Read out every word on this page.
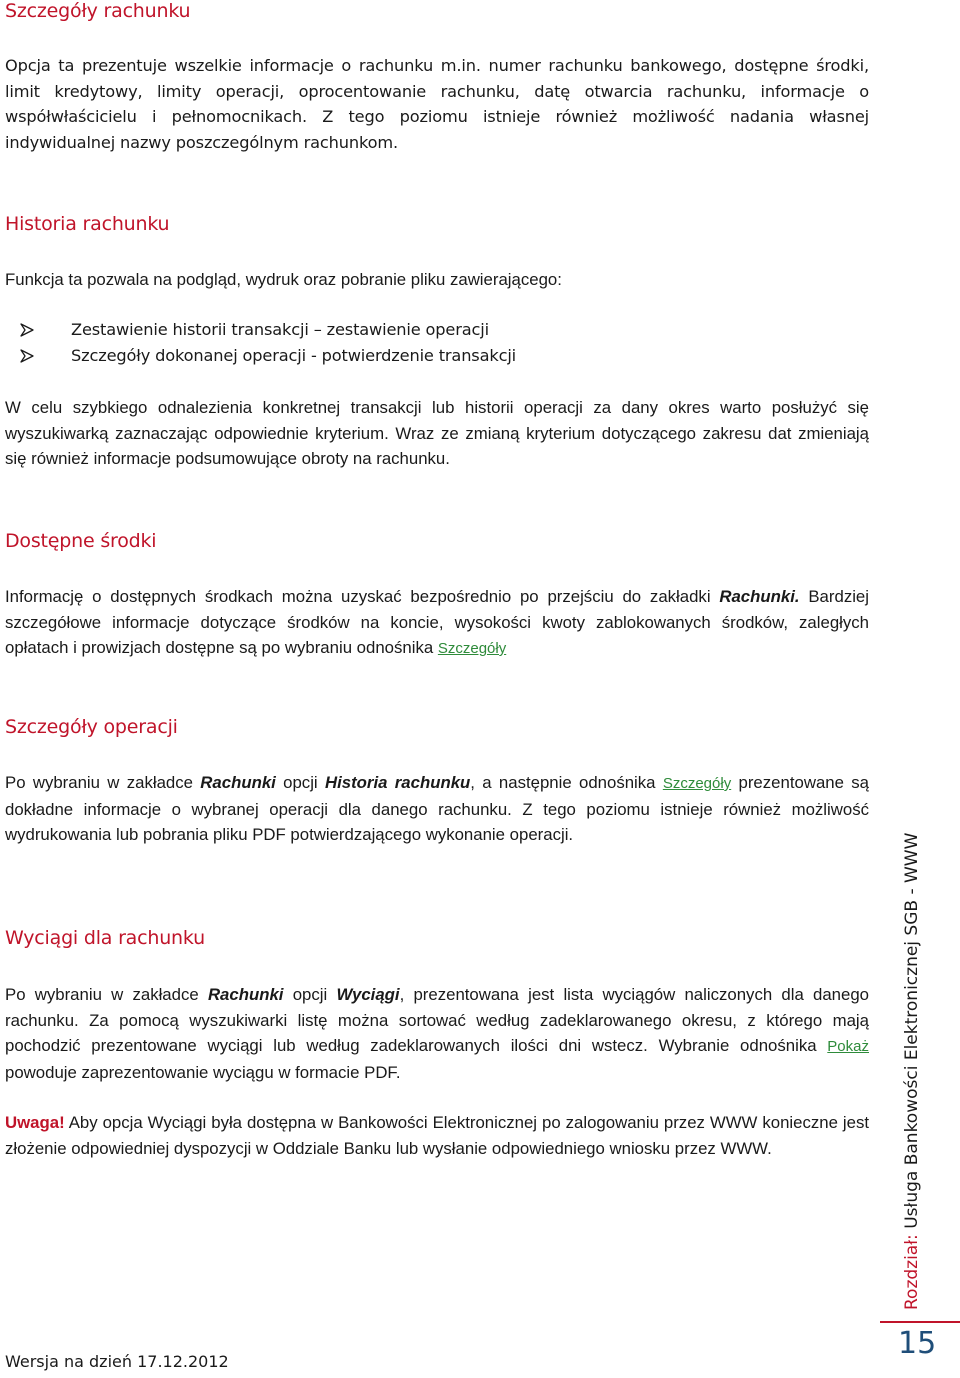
Szczegóły rachunku

Opcja ta prezentuje wszelkie informacje o rachunku m.in. numer rachunku bankowego, dostępne środki, limit kredytowy, limity operacji, oprocentowanie rachunku, datę otwarcia rachunku, informacje o współwłaścicielu i pełnomocnikach. Z tego poziomu istnieje również możliwość nadania własnej indywidualnej nazwy poszczególnym rachunkom.

Historia rachunku

Funkcja ta pozwala na podgląd, wydruk oraz pobranie pliku zawierającego:

Zestawienie historii transakcji – zestawienie operacji
Szczegóły dokonanej operacji - potwierdzenie transakcji

W celu szybkiego odnalezienia konkretnej transakcji lub historii operacji za dany okres warto posłużyć się wyszukiwarką zaznaczając odpowiednie kryterium. Wraz ze zmianą kryterium dotyczącego zakresu dat zmieniają się również informacje podsumowujące obroty na rachunku.

Dostępne środki

Informację o dostępnych środkach można uzyskać bezpośrednio po przejściu do zakładki Rachunki. Bardziej szczegółowe informacje dotyczące środków na koncie, wysokości kwoty zablokowanych środków, zaległych opłatach i prowizjach dostępne są po wybraniu odnośnika Szczegóły

Szczegóły operacji

Po wybraniu w zakładce Rachunki opcji Historia rachunku, a następnie odnośnika Szczegóły prezentowane są dokładne informacje o wybranej operacji dla danego rachunku. Z tego poziomu istnieje również możliwość wydrukowania lub pobrania pliku PDF potwierdzającego wykonanie operacji.

Wyciągi dla rachunku

Po wybraniu w zakładce Rachunki opcji Wyciągi, prezentowana jest lista wyciągów naliczonych dla danego rachunku. Za pomocą wyszukiwarki listę można sortować według zadeklarowanego okresu, z którego mają pochodzić prezentowane wyciągi lub według zadeklarowanych ilości dni wstecz. Wybranie odnośnika Pokaż powoduje zaprezentowanie wyciągu w formacie PDF.

Uwaga! Aby opcja Wyciągi była dostępna w Bankowości Elektronicznej po zalogowaniu przez WWW konieczne jest złożenie odpowiedniej dyspozycji w Oddziale Banku lub wysłanie odpowiedniego wniosku przez WWW.

Wersja na dzień 17.12.2012

Rozdział: Usługa Bankowości Elektronicznej SGB - WWW

15
